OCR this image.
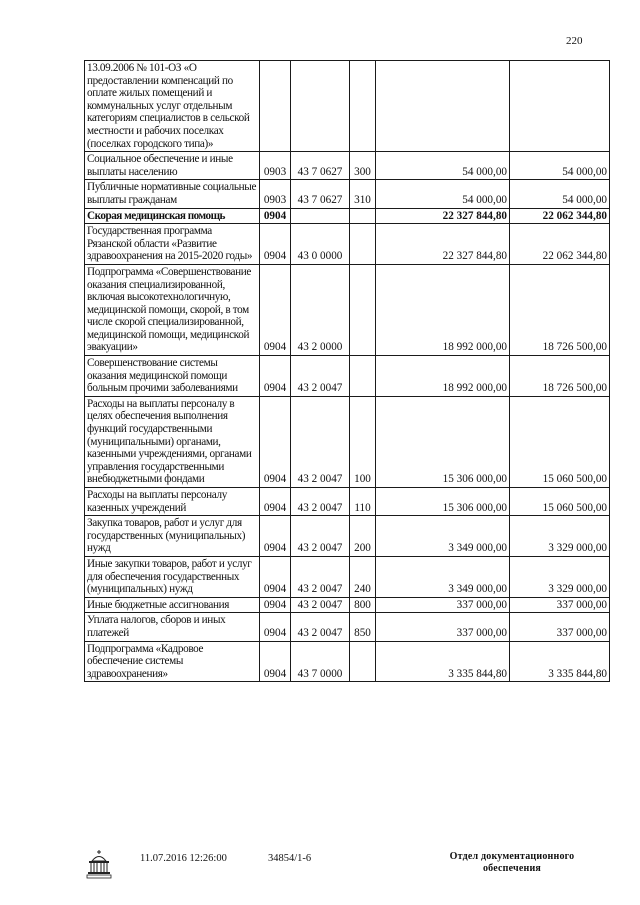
220
13.09.2006 № 101-ОЗ «О предоставлении компенсаций по оплате жилых помещений и коммунальных услуг отдельным категориям специалистов в сельской местности и рабочих поселках (поселках городского типа)»					
Социальное обеспечение и иные выплаты населению	0903	43 7 0627	300	54 000,00	54 000,00
Публичные нормативные социальные выплаты гражданам	0903	43 7 0627	310	54 000,00	54 000,00
Скорая медицинская помощь	0904			22 327 844,80	22 062 344,80
Государственная программа Рязанской области «Развитие здравоохранения на 2015-2020 годы»	0904	43 0 0000		22 327 844,80	22 062 344,80
Подпрограмма «Совершенствование оказания специализированной, включая высокотехнологичную, медицинской помощи, скорой, в том числе скорой специализированной, медицинской помощи, медицинской эвакуации»	0904	43 2 0000		18 992 000,00	18 726 500,00
Совершенствование системы оказания медицинской помощи больным прочими заболеваниями	0904	43 2 0047		18 992 000,00	18 726 500,00
Расходы на выплаты персоналу в целях обеспечения выполнения функций государственными (муниципальными) органами, казенными учреждениями, органами управления государственными внебюджетными фондами	0904	43 2 0047	100	15 306 000,00	15 060 500,00
Расходы на выплаты персоналу казенных учреждений	0904	43 2 0047	110	15 306 000,00	15 060 500,00
Закупка товаров, работ и услуг для государственных (муниципальных) нужд	0904	43 2 0047	200	3 349 000,00	3 329 000,00
Иные закупки товаров, работ и услуг для обеспечения государственных (муниципальных) нужд	0904	43 2 0047	240	3 349 000,00	3 329 000,00
Иные бюджетные ассигнования	0904	43 2 0047	800	337 000,00	337 000,00
Уплата налогов, сборов и иных платежей	0904	43 2 0047	850	337 000,00	337 000,00
Подпрограмма «Кадровое обеспечение системы здравоохранения»	0904	43 7 0000		3 335 844,80	3 335 844,80
11.07.2016 12:26:00	34854/1-6	Отдел документационного обеспечения
